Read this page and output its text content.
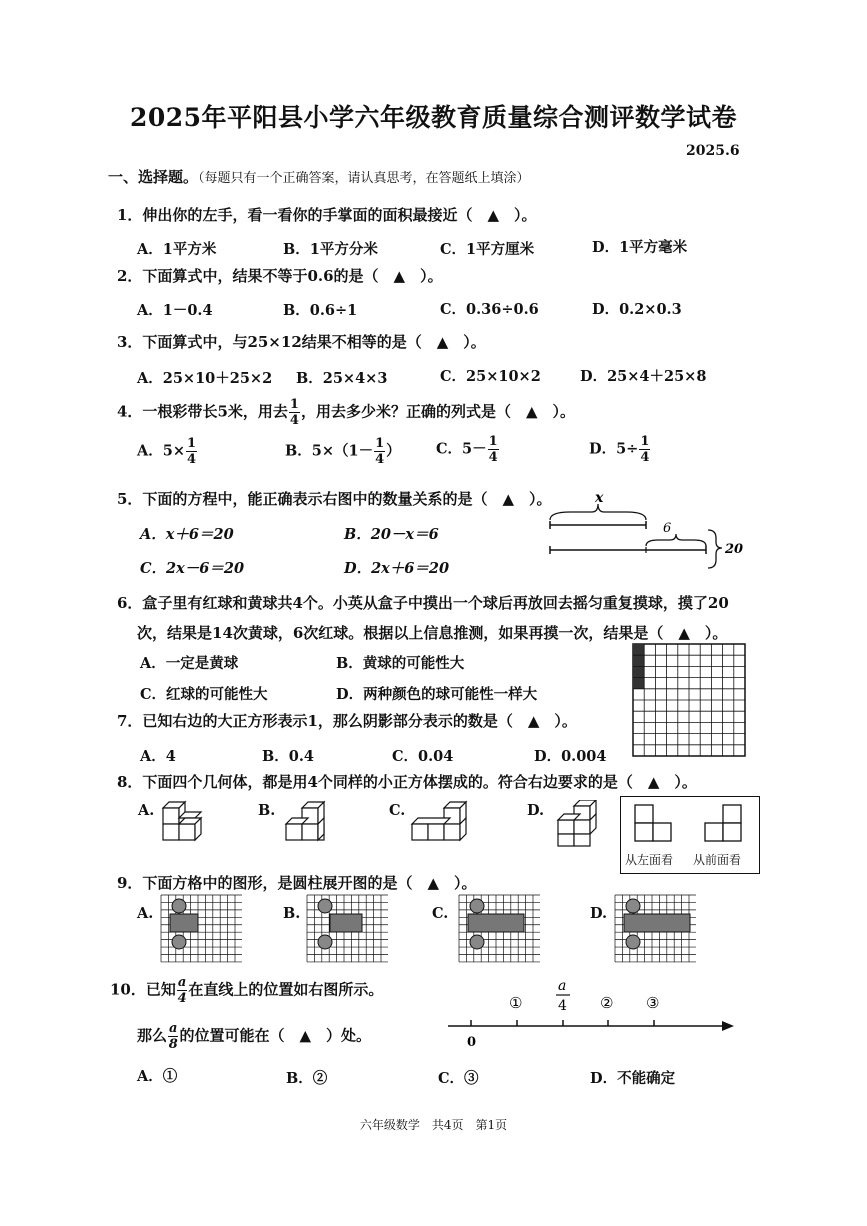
2025年平阳县小学六年级教育质量综合测评数学试卷
2025.6
一、选择题。（每题只有一个正确答案，请认真思考，在答题纸上填涂）
1．伸出你的左手，看一看你的手掌面的面积最接近（　▲　）。
A．1平方米	B．1平方分米	C．1平方厘米	D．1平方毫米
2．下面算式中，结果不等于0.6的是（　▲　）。
A．1－0.4	B．0.6÷1	C．0.36÷0.6	D．0.2×0.3
3．下面算式中，与25×12结果不相等的是（　▲　）。
A．25×10＋25×2 B．25×4×3	C．25×10×2	D．25×4＋25×8
4．一根彩带长5米，用去 $\frac{1}{4}$ ，用去多少米？正确的列式是（　▲　）。
A．$5\times \frac{1}{4}$	B．$5\times(1- \frac{1}{4}$ ） C．$5- \frac{1}{4}$	D．$5\div \frac{1}{4}$
5．下面的方程中，能正确表示右图中的数量关系的是（　▲　）。
A．x＋6＝20	B．20－x＝6
C．2x－6＝20	D．2x＋6＝20
x
6
20
6．盒子里有红球和黄球共4个。小英从盒子中摸出一个球后再放回去摇匀重复摸球，摸了20
次，结果是14次黄球，6次红球。根据以上信息推测，如果再摸一次，结果是（　▲　）。
A．一定是黄球	B．黄球的可能性大
C．红球的可能性大	D．两种颜色的球可能性一样大
7．已知右边的大正方形表示1，那么阴影部分表示的数是（　▲　）。
A．4	B．0.4	C．0.04	D．0.004
8．下面四个几何体，都是用4个同样的小正方体摆成的。符合右边要求的是（　▲　）。
A.	B.	C.	D.
从左面看 从前面看
9．下面方格中的图形，是圆柱展开图的是（　▲　）。
A.	B.	C.	D.
10．已知 $\frac{a}{4}$ 在直线上的位置如右图所示。
那么 $\frac{a}{8}$ 的位置可能在（　▲　）处。
A．①	B．②	C．③	D．不能确定
0
①	② ③
a
4
六年级数学　共4页　第1页
